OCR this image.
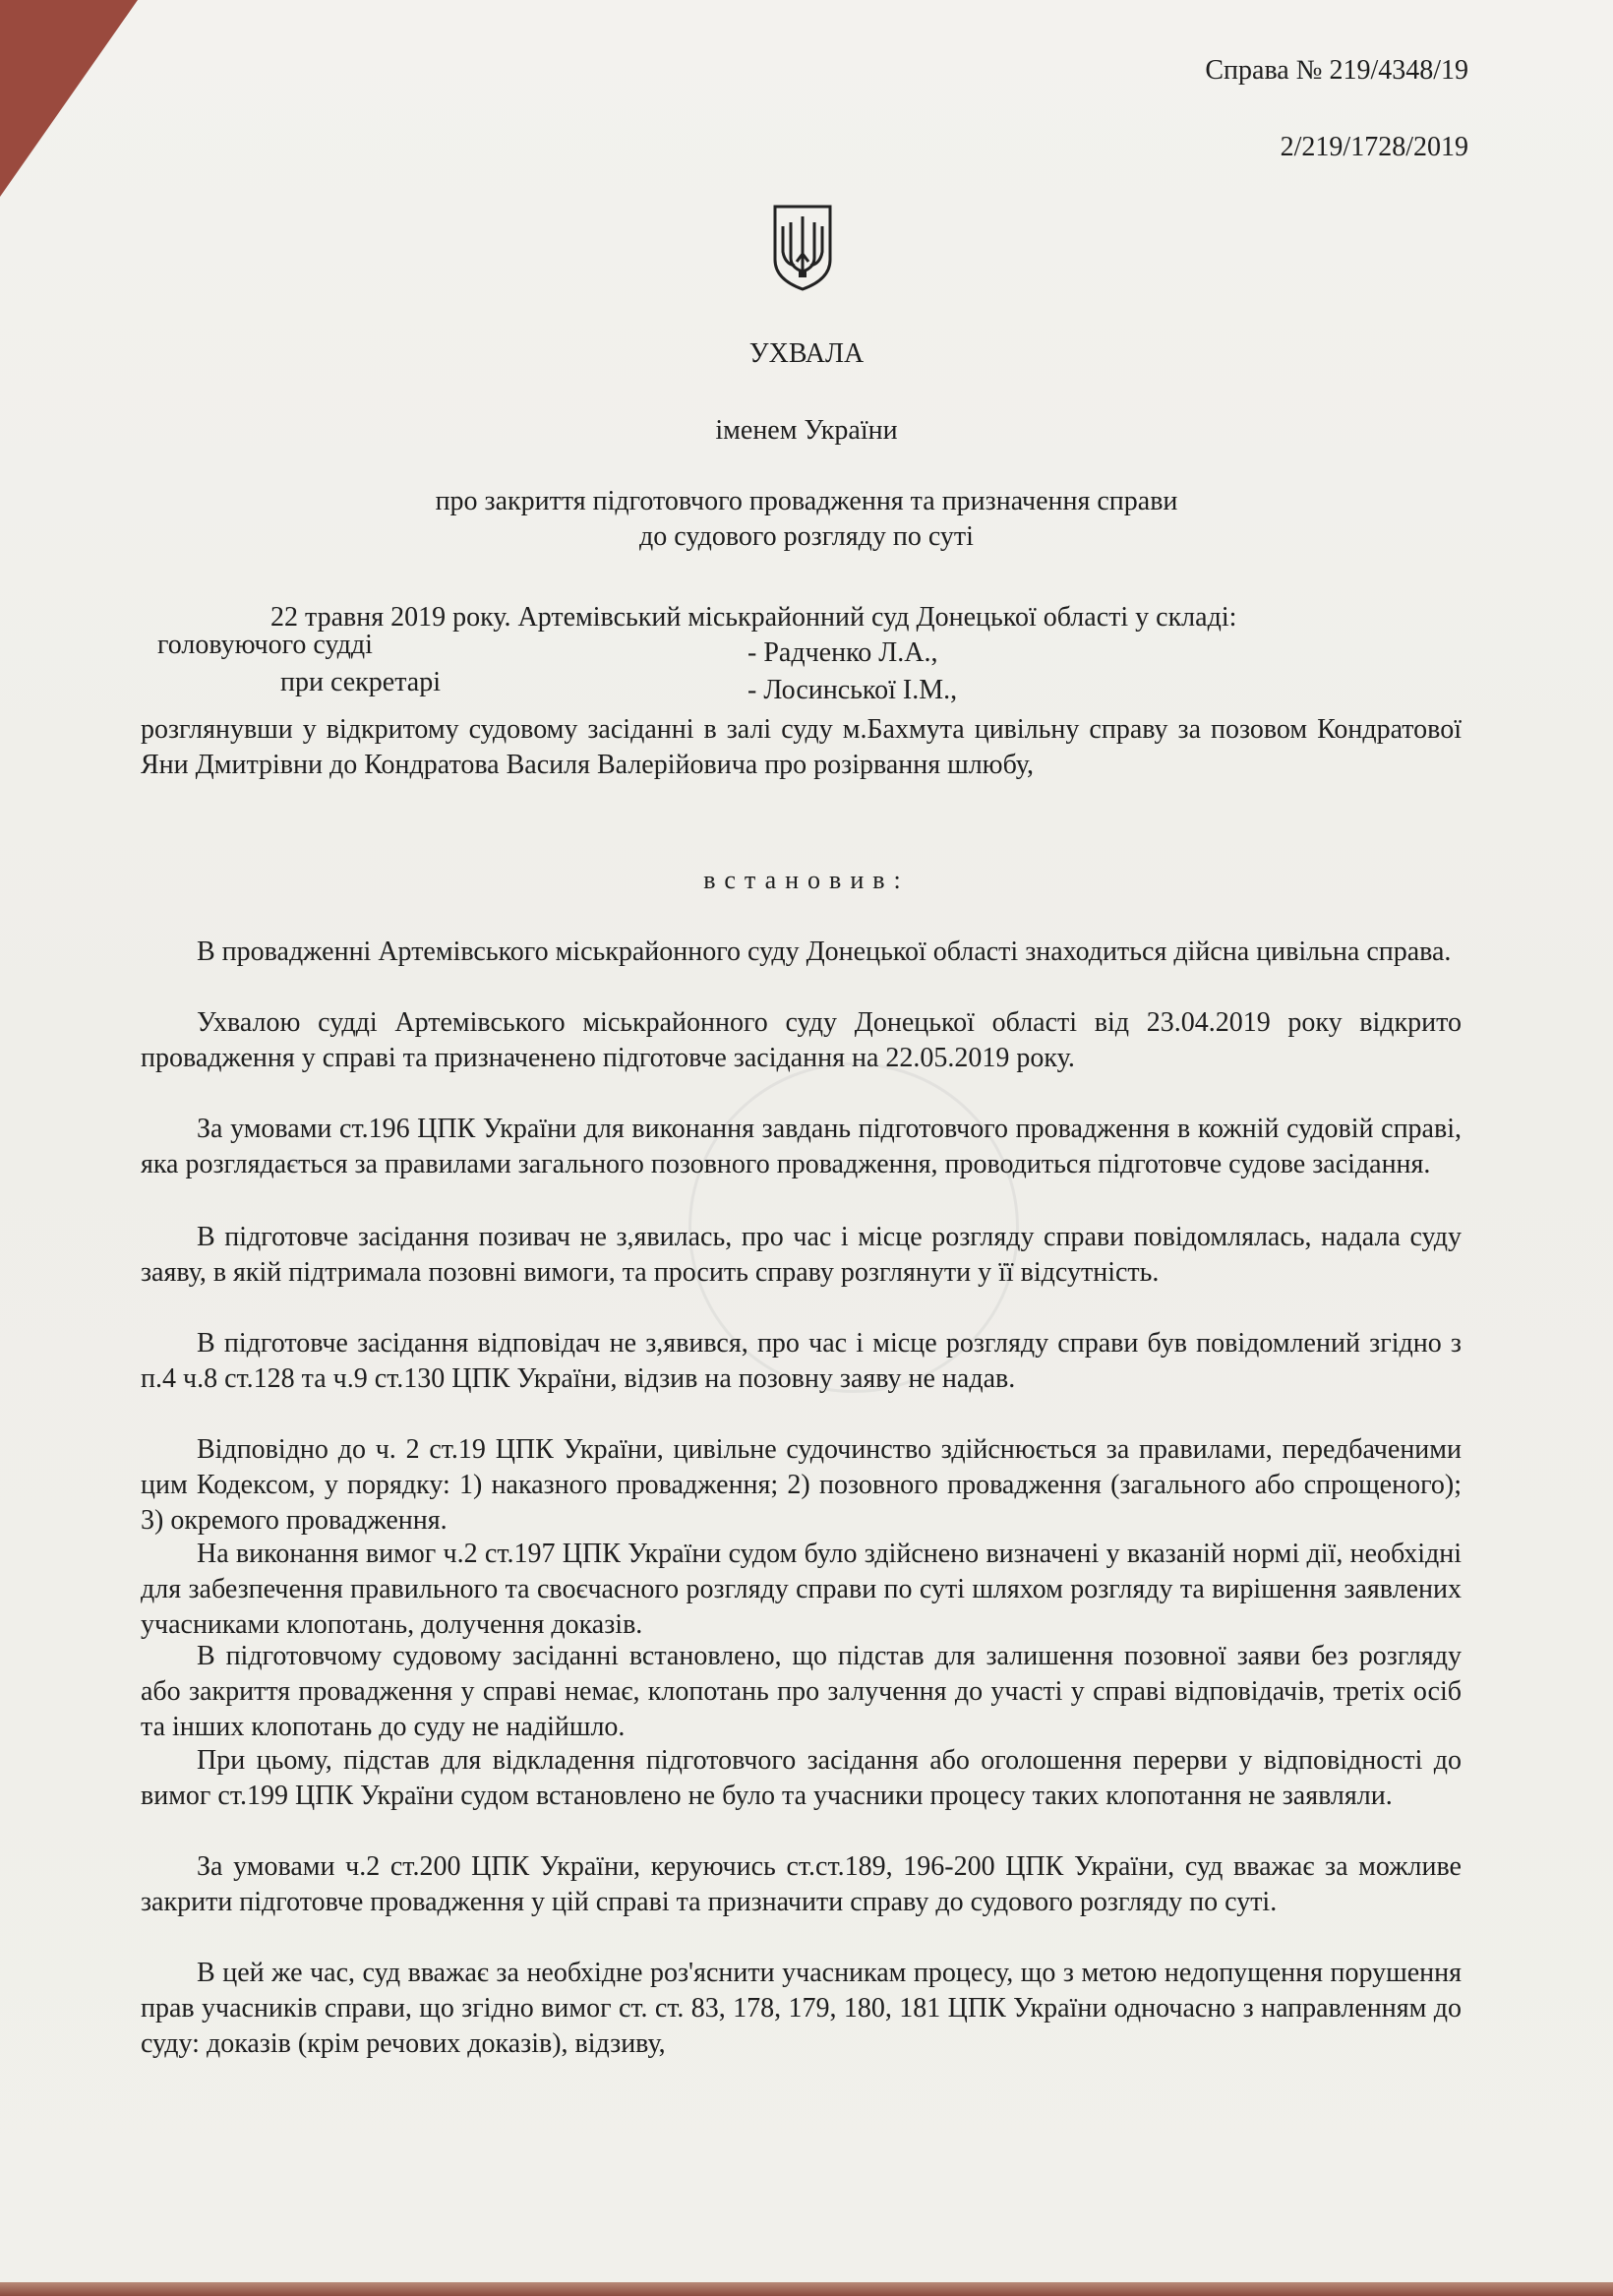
Справа № 219/4348/19
2/219/1728/2019
УХВАЛА
іменем України
про закриття підготовчого провадження та призначення справи
до судового розгляду по суті
22 травня 2019 року. Артемівський міськрайонний суд Донецької області у складі:
головуючого судді	- Радченко Л.А.,
при секретарі	- Лосинської І.М.,
розглянувши у відкритому судовому засіданні в залі суду м.Бахмута цивільну справу за позовом Кондратової Яни Дмитрівни до Кондратова Василя Валерійовича про розірвання шлюбу,
встановив:
В провадженні Артемівського міськрайонного суду Донецької області знаходиться дійсна цивільна справа.
Ухвалою судді Артемівського міськрайонного суду Донецької області від 23.04.2019 року відкрито провадження у справі та призначенено підготовче засідання на 22.05.2019 року.
За умовами ст.196 ЦПК України для виконання завдань підготовчого провадження в кожній судовій справі, яка розглядається за правилами загального позовного провадження, проводиться підготовче судове засідання.
В підготовче засідання позивач не з,явилась, про час і місце розгляду справи повідомлялась, надала суду заяву, в якій підтримала позовні вимоги, та просить справу розглянути у її відсутність.
В підготовче засідання відповідач не з,явився, про час і місце розгляду справи був повідомлений згідно з п.4 ч.8 ст.128 та ч.9 ст.130 ЦПК України, відзив на позовну заяву не надав.
Відповідно до ч. 2 ст.19 ЦПК України, цивільне судочинство здійснюється за правилами, передбаченими цим Кодексом, у порядку: 1) наказного провадження; 2) позовного провадження (загального або спрощеного); 3) окремого провадження.
На виконання вимог ч.2 ст.197 ЦПК України судом було здійснено визначені у вказаній нормі дії, необхідні для забезпечення правильного та своєчасного розгляду справи по суті шляхом розгляду та вирішення заявлених учасниками клопотань, долучення доказів.
В підготовчому судовому засіданні встановлено, що підстав для залишення позовної заяви без розгляду або закриття провадження у справі немає, клопотань про залучення до участі у справі відповідачів, третіх осіб та інших клопотань до суду не надійшло.
При цьому, підстав для відкладення підготовчого засідання або оголошення перерви у відповідності до вимог ст.199 ЦПК України судом встановлено не було та учасники процесу таких клопотання не заявляли.
За умовами ч.2 ст.200 ЦПК України, керуючись ст.ст.189, 196-200 ЦПК України, суд вважає за можливе закрити підготовче провадження у цій справі та призначити справу до судового розгляду по суті.
В цей же час, суд вважає за необхідне роз'яснити учасникам процесу, що з метою недопущення порушення прав учасників справи, що згідно вимог ст. ст. 83, 178, 179, 180, 181 ЦПК України одночасно з направленням до суду: доказів (крім речових доказів), відзиву,
